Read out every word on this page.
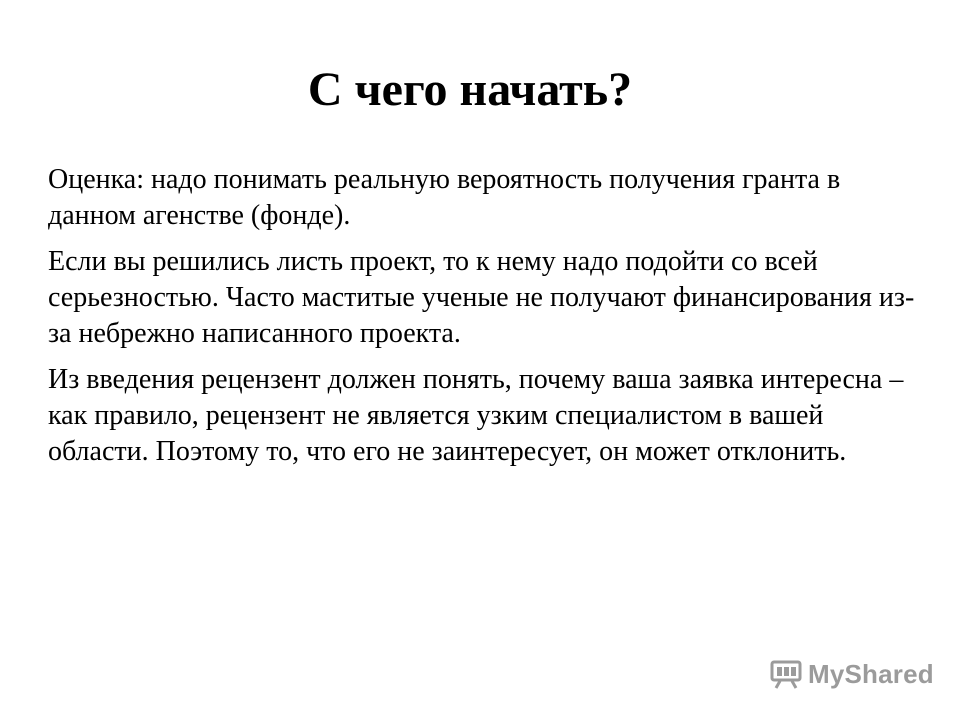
С чего начать?

Оценка: надо понимать реальную вероятность получения гранта в данном агенстве (фонде).

Если вы решились листь проект, то к нему надо подойти со всей серьезностью. Часто маститые ученые не получают финансирования из-за небрежно написанного проекта.

Из введения рецензент должен понять, почему ваша заявка интересна – как правило, рецензент не является узким специалистом в вашей области. Поэтому то, что его не заинтересует, он может отклонить.

MyShared
